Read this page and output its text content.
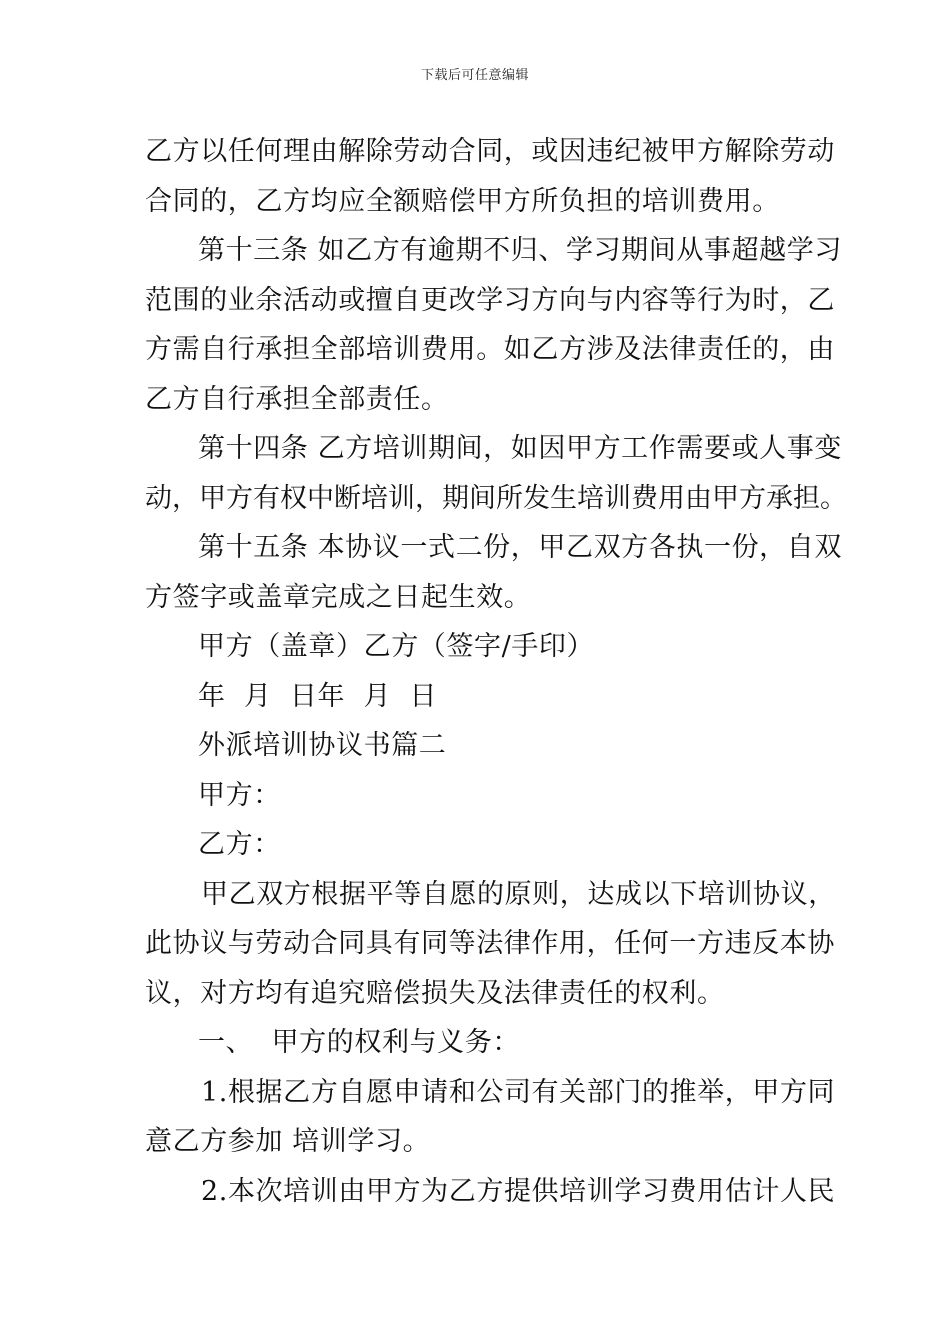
下载后可任意编辑
乙方以任何理由解除劳动合同，或因违纪被甲方解除劳动
合同的，乙方均应全额赔偿甲方所负担的培训费用。
第十三条 如乙方有逾期不归、学习期间从事超越学习
范围的业余活动或擅自更改学习方向与内容等行为时，乙
方需自行承担全部培训费用。如乙方涉及法律责任的，由
乙方自行承担全部责任。
第十四条 乙方培训期间，如因甲方工作需要或人事变
动，甲方有权中断培训，期间所发生培训费用由甲方承担。
第十五条 本协议一式二份，甲乙双方各执一份，自双
方签字或盖章完成之日起生效。
甲方（盖章）乙方（签字/手印）
年  月  日年  月  日
外派培训协议书篇二
甲方：
乙方：
甲乙双方根据平等自愿的原则，达成以下培训协议，
此协议与劳动合同具有同等法律作用，任何一方违反本协
议，对方均有追究赔偿损失及法律责任的权利。
一、  甲方的权利与义务：
1.根据乙方自愿申请和公司有关部门的推举，甲方同
意乙方参加 培训学习。
2.本次培训由甲方为乙方提供培训学习费用估计人民
